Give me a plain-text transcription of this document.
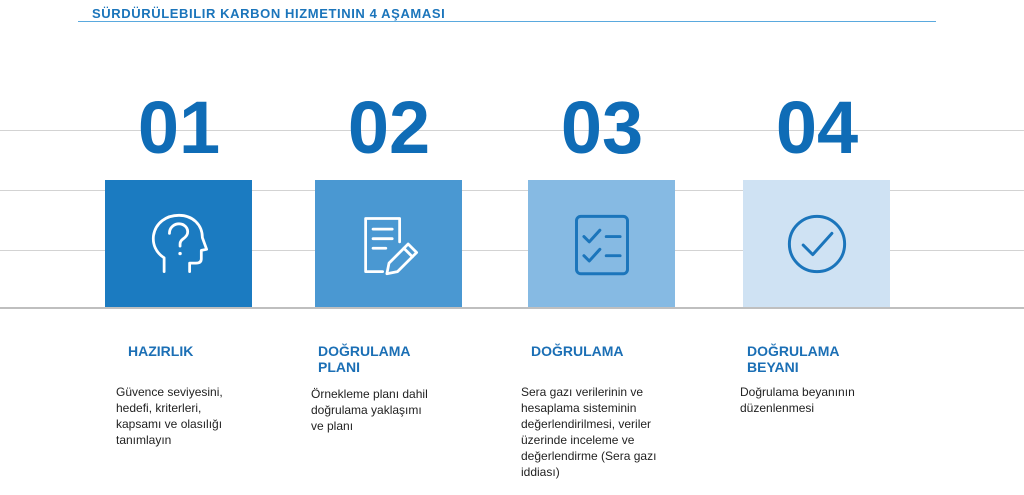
SÜRDÜRÜLEBILIR KARBON HIZMETININ 4 AŞAMASI
01
HAZIRLIK
Güvence seviyesini,
hedefi, kriterleri,
kapsamı ve olasılığı
tanımlayın
02
DOĞRULAMA
PLANI
Örnekleme planı dahil
doğrulama yaklaşımı
ve planı
03
DOĞRULAMA
Sera gazı verilerinin ve
hesaplama sisteminin
değerlendirilmesi, veriler
üzerinde inceleme ve
değerlendirme (Sera gazı
iddiası)
04
DOĞRULAMA
BEYANI
Doğrulama beyanının
düzenlenmesi
